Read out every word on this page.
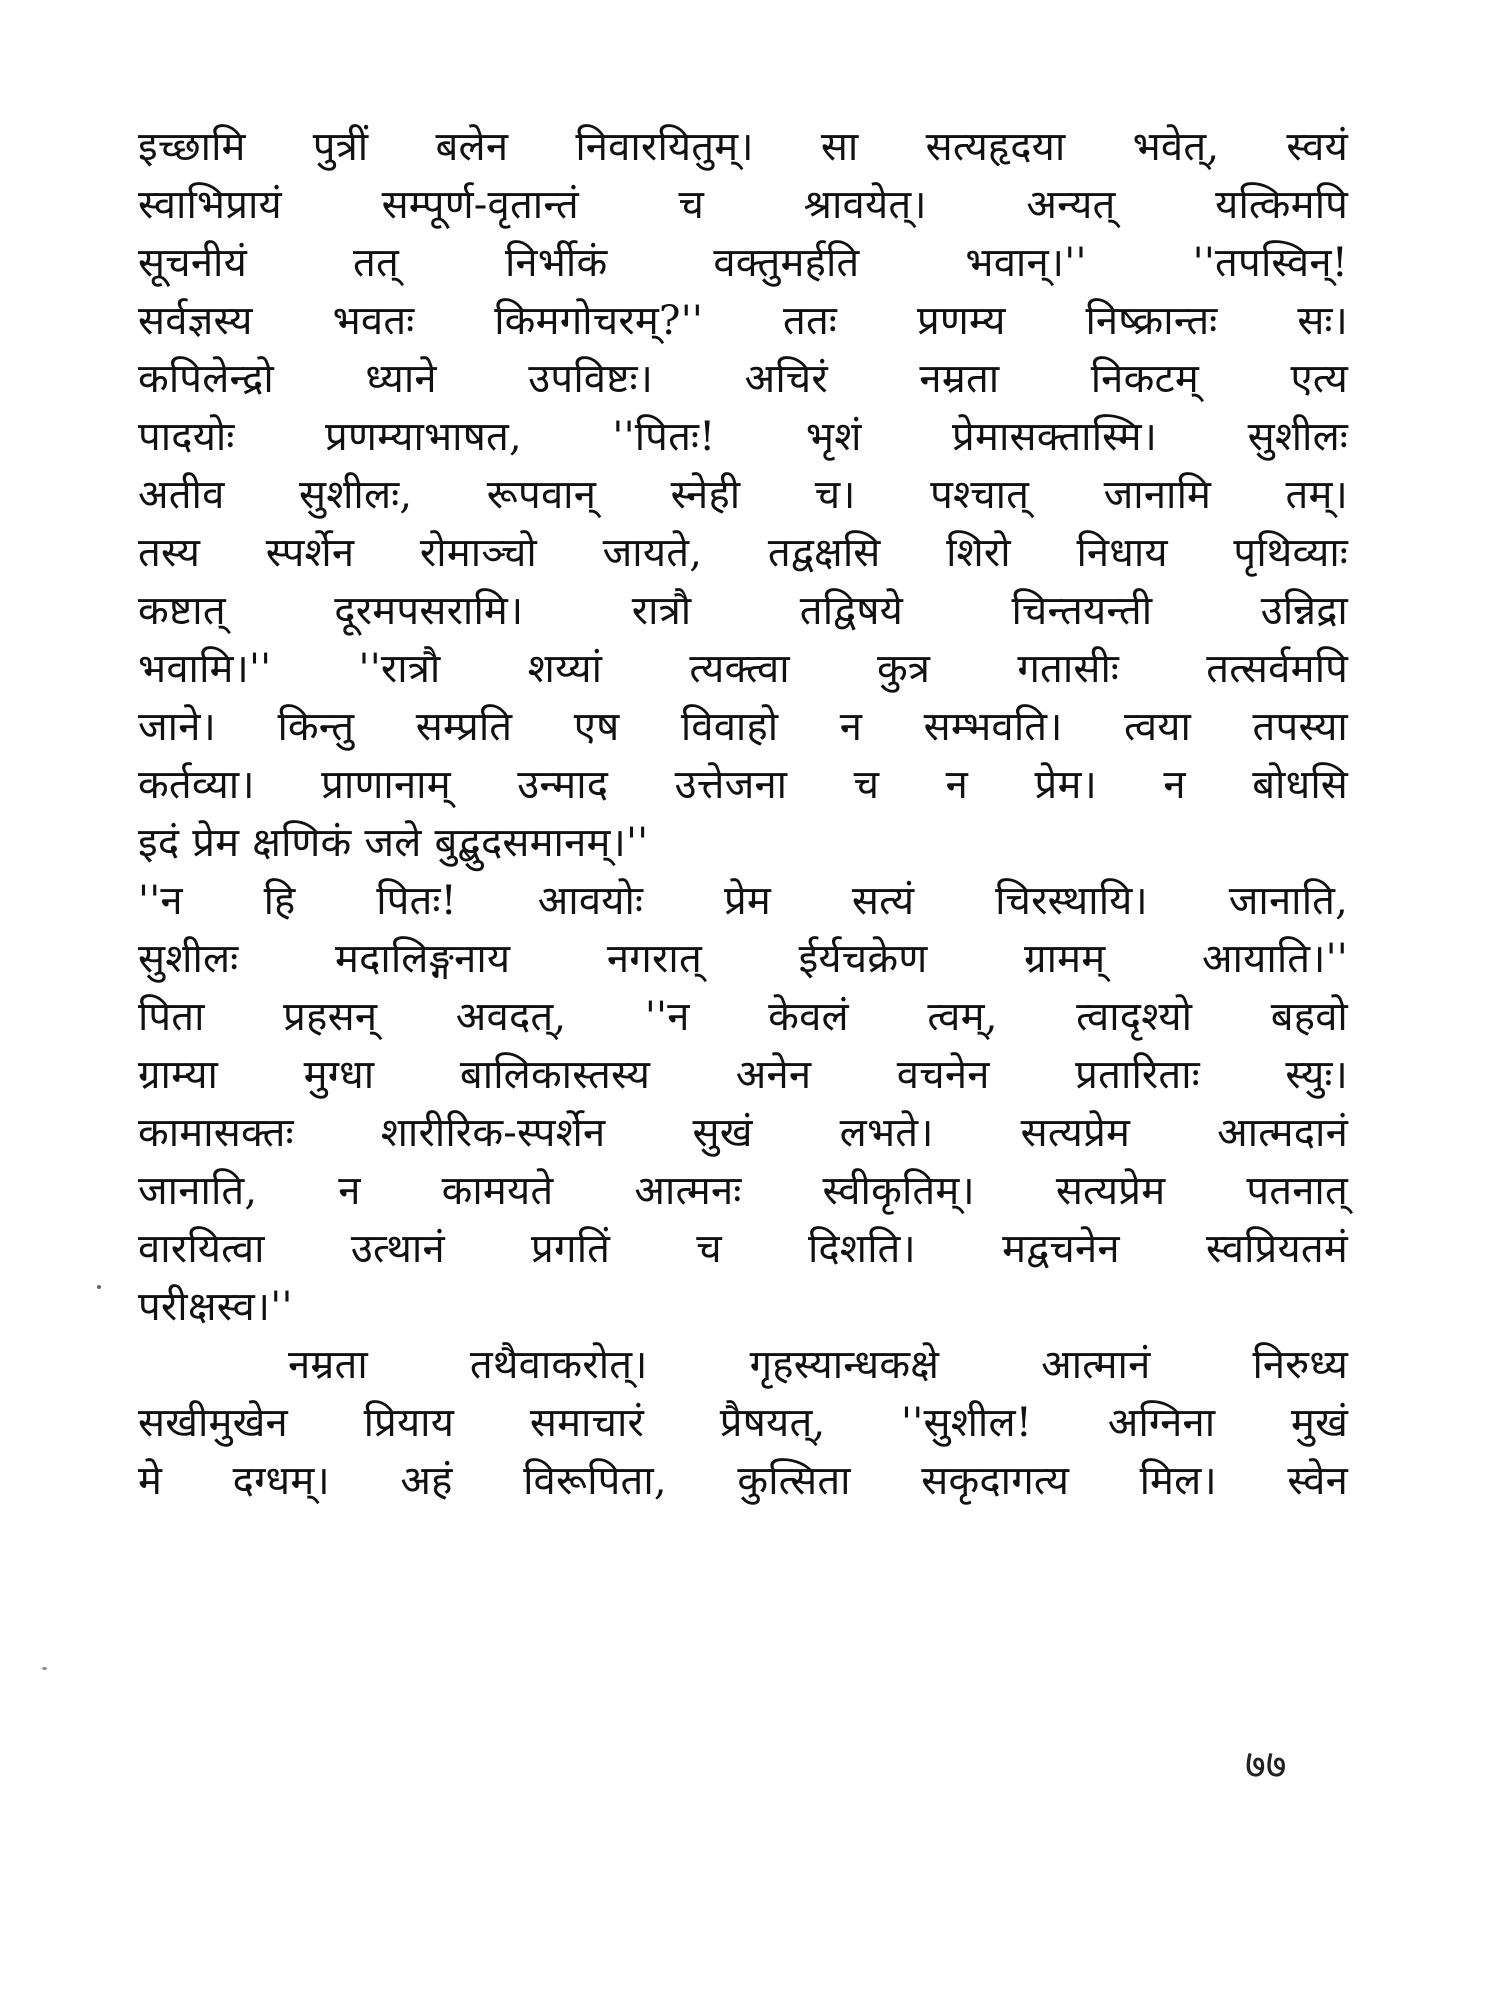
इच्छामि पुत्रीं बलेन निवारयितुम्। सा सत्यहृदया भवेत्, स्वयं
स्वाभिप्रायं सम्पूर्ण-वृतान्तं च श्रावयेत्। अन्यत् यत्किमपि
सूचनीयं तत् निर्भीकं वक्तुमर्हति भवान्।'' ''तपस्विन्!
सर्वज्ञस्य भवतः किमगोचरम्?'' ततः प्रणम्य निष्क्रान्तः सः।
कपिलेन्द्रो ध्याने उपविष्टः। अचिरं नम्रता निकटम् एत्य
पादयोः प्रणम्याभाषत, ''पितः! भृशं प्रेमासक्तास्मि। सुशीलः
अतीव सुशीलः, रूपवान् स्नेही च। पश्चात् जानामि तम्।
तस्य स्पर्शेन रोमाञ्चो जायते, तद्वक्षसि शिरो निधाय पृथिव्याः
कष्टात् दूरमपसरामि। रात्रौ तद्विषये चिन्तयन्ती उन्निद्रा
भवामि।'' ''रात्रौ शय्यां त्यक्त्वा कुत्र गतासीः तत्सर्वमपि
जाने। किन्तु सम्प्रति एष विवाहो न सम्भवति। त्वया तपस्या
कर्तव्या। प्राणानाम् उन्माद उत्तेजना च न प्रेम। न बोधसि
इदं प्रेम क्षणिकं जले बुद्बुदसमानम्।''
''न हि पितः! आवयोः प्रेम सत्यं चिरस्थायि। जानाति,
सुशीलः मदालिङ्गनाय नगरात् ईर्यचक्रेण ग्रामम् आयाति।''
पिता प्रहसन् अवदत्, ''न केवलं त्वम्, त्वादृश्यो बहवो
ग्राम्या मुग्धा बालिकास्तस्य अनेन वचनेन प्रतारिताः स्युः।
कामासक्तः शारीरिक-स्पर्शेन सुखं लभते। सत्यप्रेम आत्मदानं
जानाति, न कामयते आत्मनः स्वीकृतिम्। सत्यप्रेम पतनात्
वारयित्वा उत्थानं प्रगतिं च दिशति। मद्वचनेन स्वप्रियतमं
परीक्षस्व।''
नम्रता तथैवाकरोत्। गृहस्यान्धकक्षे आत्मानं निरुध्य
सखीमुखेन प्रियाय समाचारं प्रैषयत्, ''सुशील! अग्निना मुखं
मे दग्धम्। अहं विरूपिता, कुत्सिता सकृदागत्य मिल। स्वेन
७७
